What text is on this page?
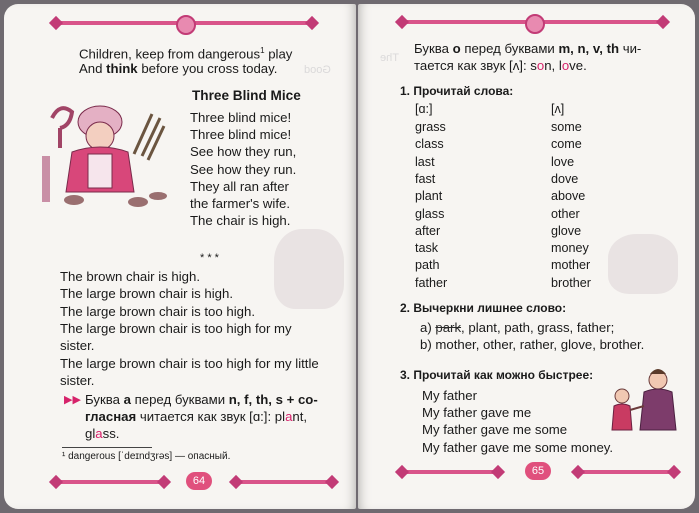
Good
Children, keep from dangerous$^1$ play
And think before you cross today.
Three Blind Mice
Three blind mice!
Three blind mice!
See how they run,
See how they run.
They all ran after
the farmer's wife.
The chair is high.
* * *
The brown chair is high.
The large brown chair is high.
The large brown chair is too high.
The large brown chair is too high for my
sister.
The large brown chair is too high for my little
sister.
▶▶ Буква a перед буквами n, f, th, s + co-
гласная читается как звук [ɑ:]: plant,
glass.
¹ dangerous [ˈdeɪndʒrəs] — опасный.
64
The
Буква o перед буквами m, n, v, th чи-
тается как звук [ʌ]: son, love.
1. Прочитай слова:
[ɑ:]	[ʌ]
grass
class
last
fast
plant
glass
after
task
path
father
some
come
love
dove
above
other
glove
money
mother
brother
2. Вычеркни лишнее слово:
a) park, plant, path, grass, father;
b) mother, other, rather, glove, brother.
3. Прочитай как можно быстрее:
My father
My father gave me
My father gave me some
My father gave me some money.
65
